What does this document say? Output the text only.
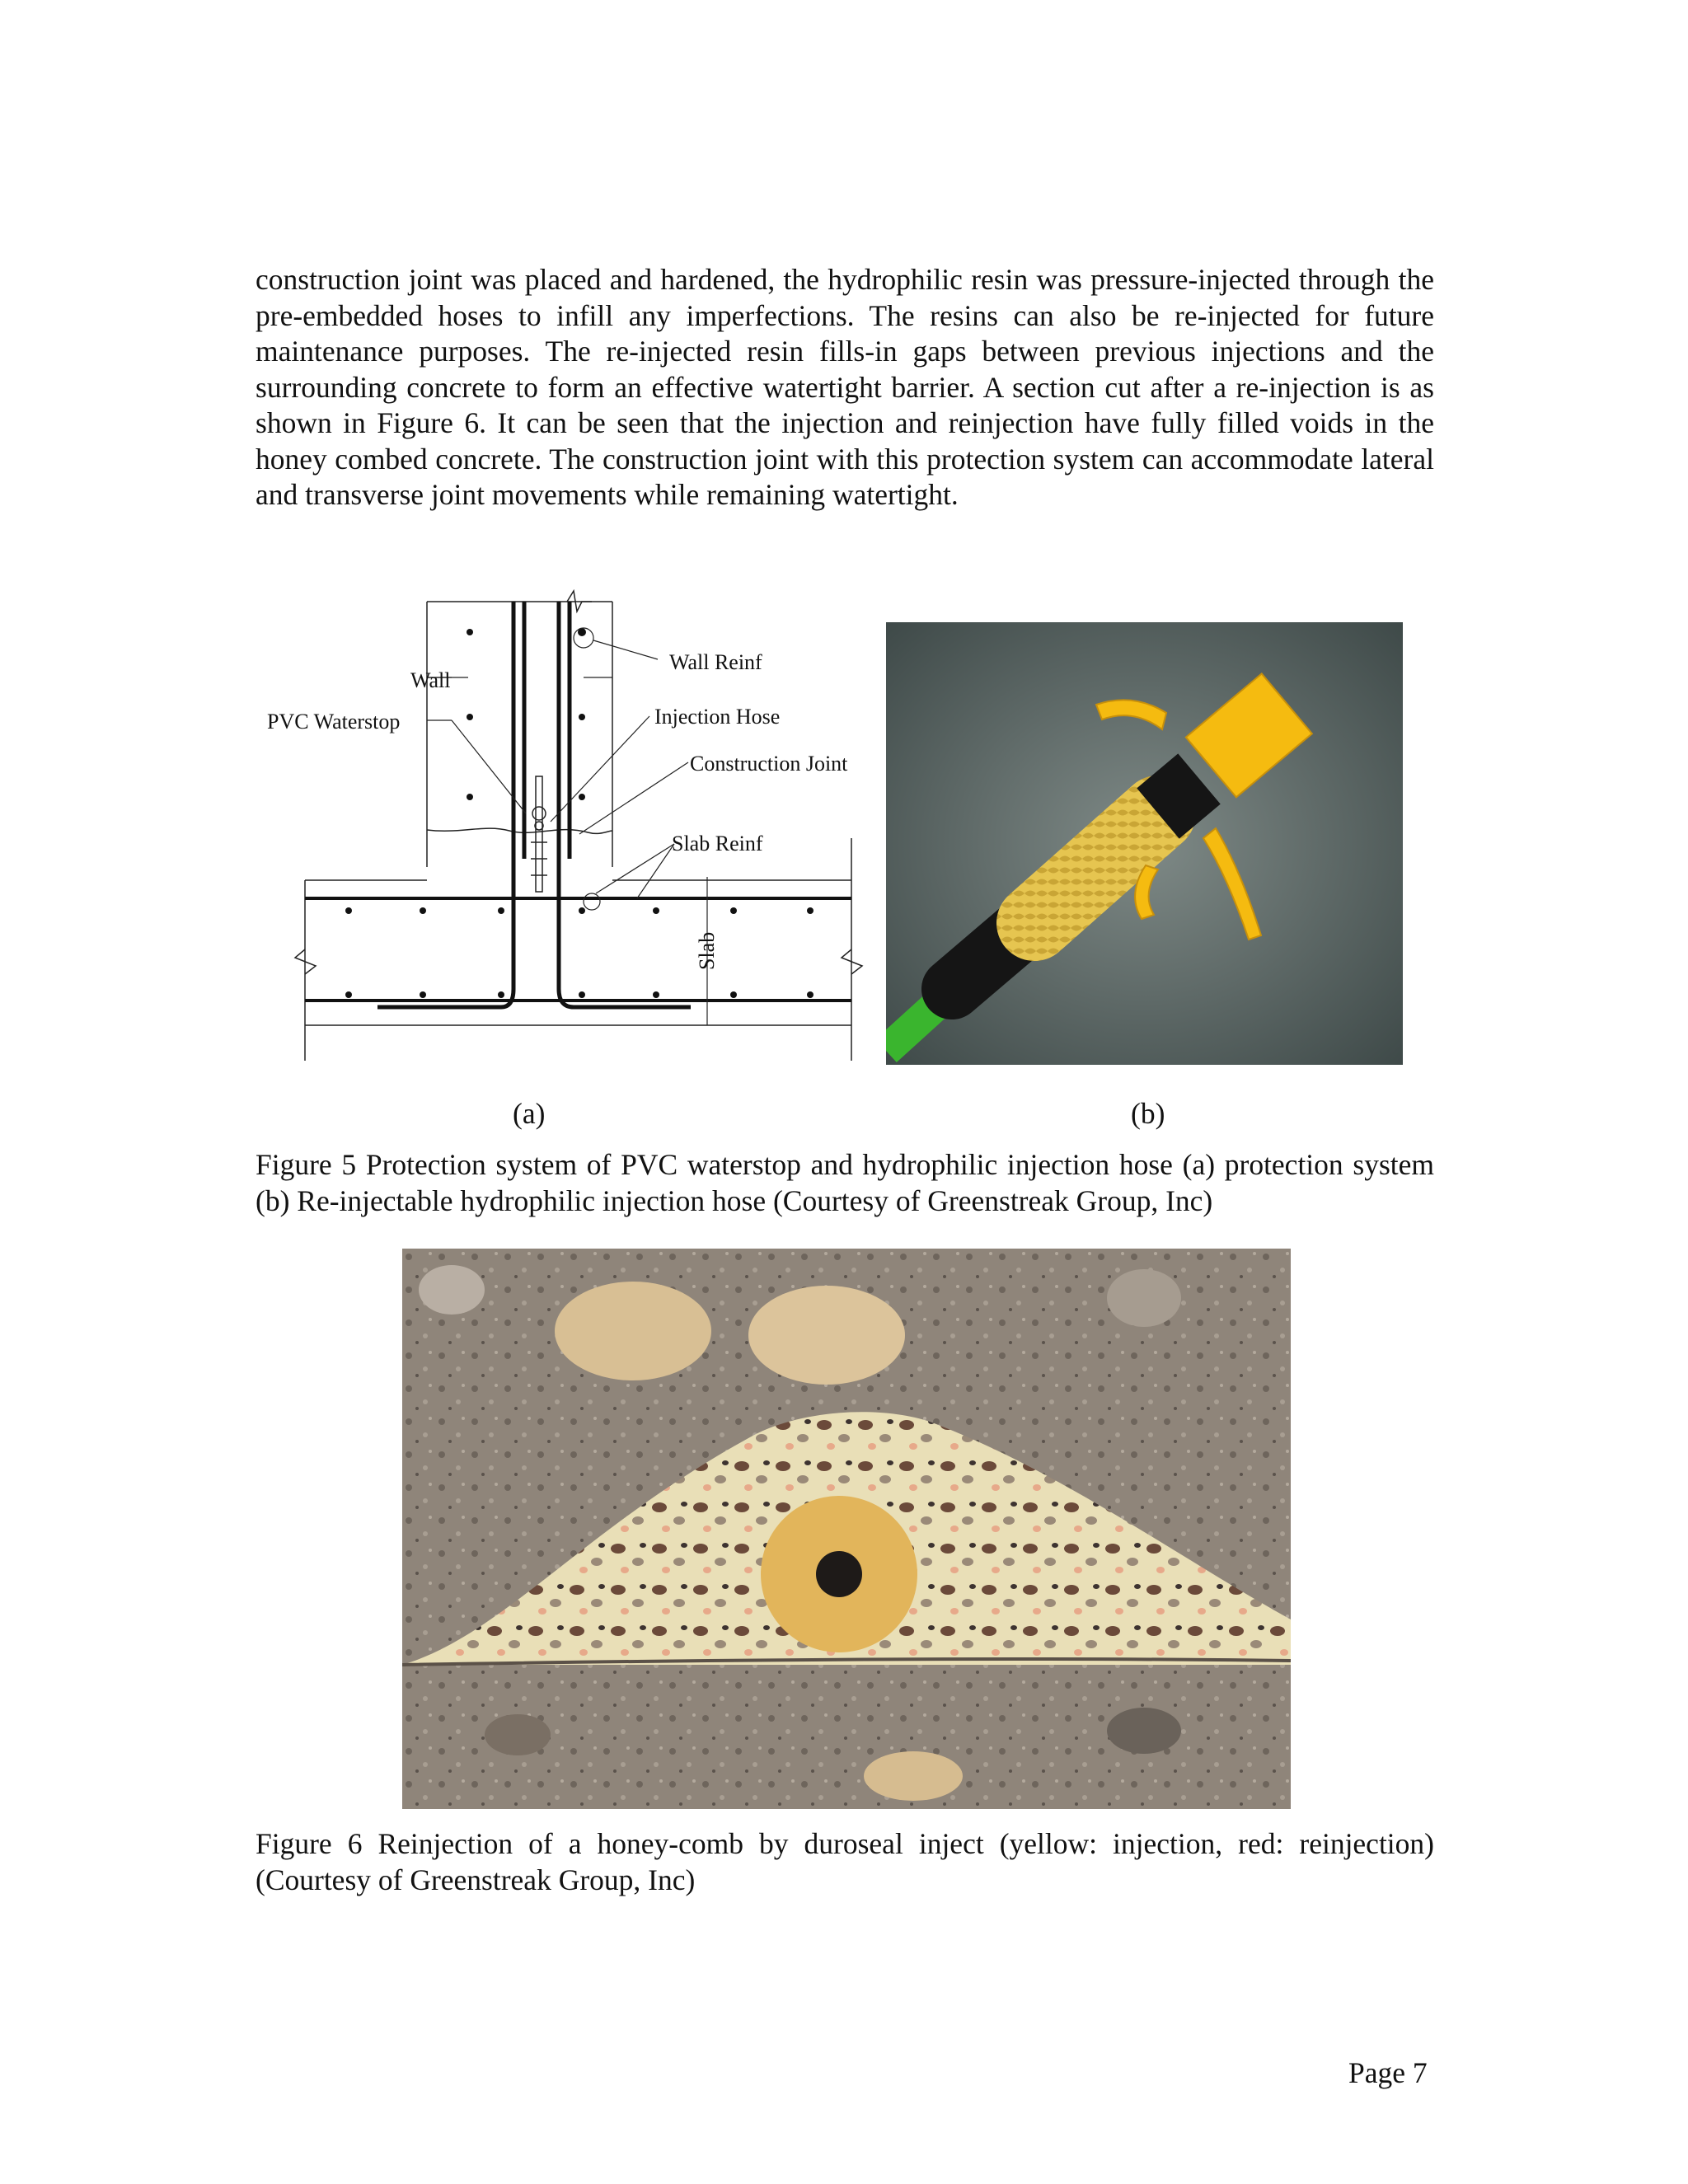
construction joint was placed and hardened, the hydrophilic resin was pressure-injected through the pre-embedded hoses to infill any imperfections. The resins can also be re-injected for future maintenance purposes. The re-injected resin fills-in gaps between previous injections and the surrounding concrete to form an effective watertight barrier. A section cut after a re-injection is as shown in Figure 6. It can be seen that the injection and reinjection have fully filled voids in the honey combed concrete. The construction joint with this protection system can accommodate lateral and transverse joint movements while remaining watertight.

Wall
PVC Waterstop
Wall Reinf
Injection Hose
Construction Joint
Slab Reinf
Slab
(a)	(b)

Figure 5 Protection system of PVC waterstop and hydrophilic injection hose (a) protection system (b) Re-injectable hydrophilic injection hose (Courtesy of Greenstreak Group, Inc)

Figure 6 Reinjection of a honey-comb by duroseal inject (yellow: injection, red: reinjection) (Courtesy of Greenstreak Group, Inc)

Page 7
